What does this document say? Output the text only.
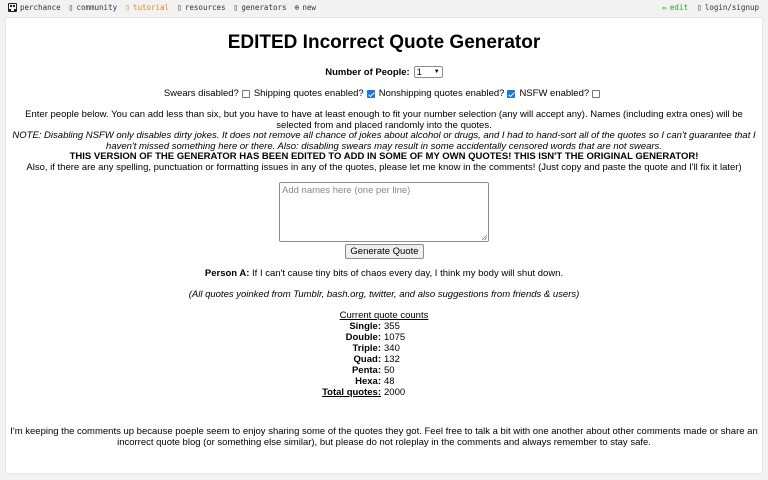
perchance ▯ community ▯ tutorial ▯ resources ▯ generators ⊕ new	✏ edit ▯ login/signup
EDITED Incorrect Quote Generator
Number of People: 1 ▼
Swears disabled? Shipping quotes enabled? Nonshipping quotes enabled? NSFW enabled?
Enter people below. You can add less than six, but you have to have at least enough to fit your number selection (any will accept any). Names (including extra ones) will be selected from and placed randomly into the quotes.
NOTE: Disabling NSFW only disables dirty jokes. It does not remove all chance of jokes about alcohol or drugs, and I had to hand-sort all of the quotes so I can't guarantee that I haven't missed something here or there. Also: disabling swears may result in some accidentally censored words that are not swears.
THIS VERSION OF THE GENERATOR HAS BEEN EDITED TO ADD IN SOME OF MY OWN QUOTES! THIS ISN'T THE ORIGINAL GENERATOR!
Also, if there are any spelling, punctuation or formatting issues in any of the quotes, please let me know in the comments! (Just copy and paste the quote and I'll fix it later)
Add names here (one per line)
Generate Quote
Person A: If I can't cause tiny bits of chaos every day, I think my body will shut down.
(All quotes yoinked from Tumblr, bash.org, twitter, and also suggestions from friends & users)
Current quote counts
Single: 355
Double: 1075
Triple: 340
Quad: 132
Penta: 50
Hexa: 48
Total quotes: 2000
I'm keeping the comments up because poeple seem to enjoy sharing some of the quotes they got. Feel free to talk a bit with one another about other comments made or share an incorrect quote blog (or something else similar), but please do not roleplay in the comments and always remember to stay safe.
